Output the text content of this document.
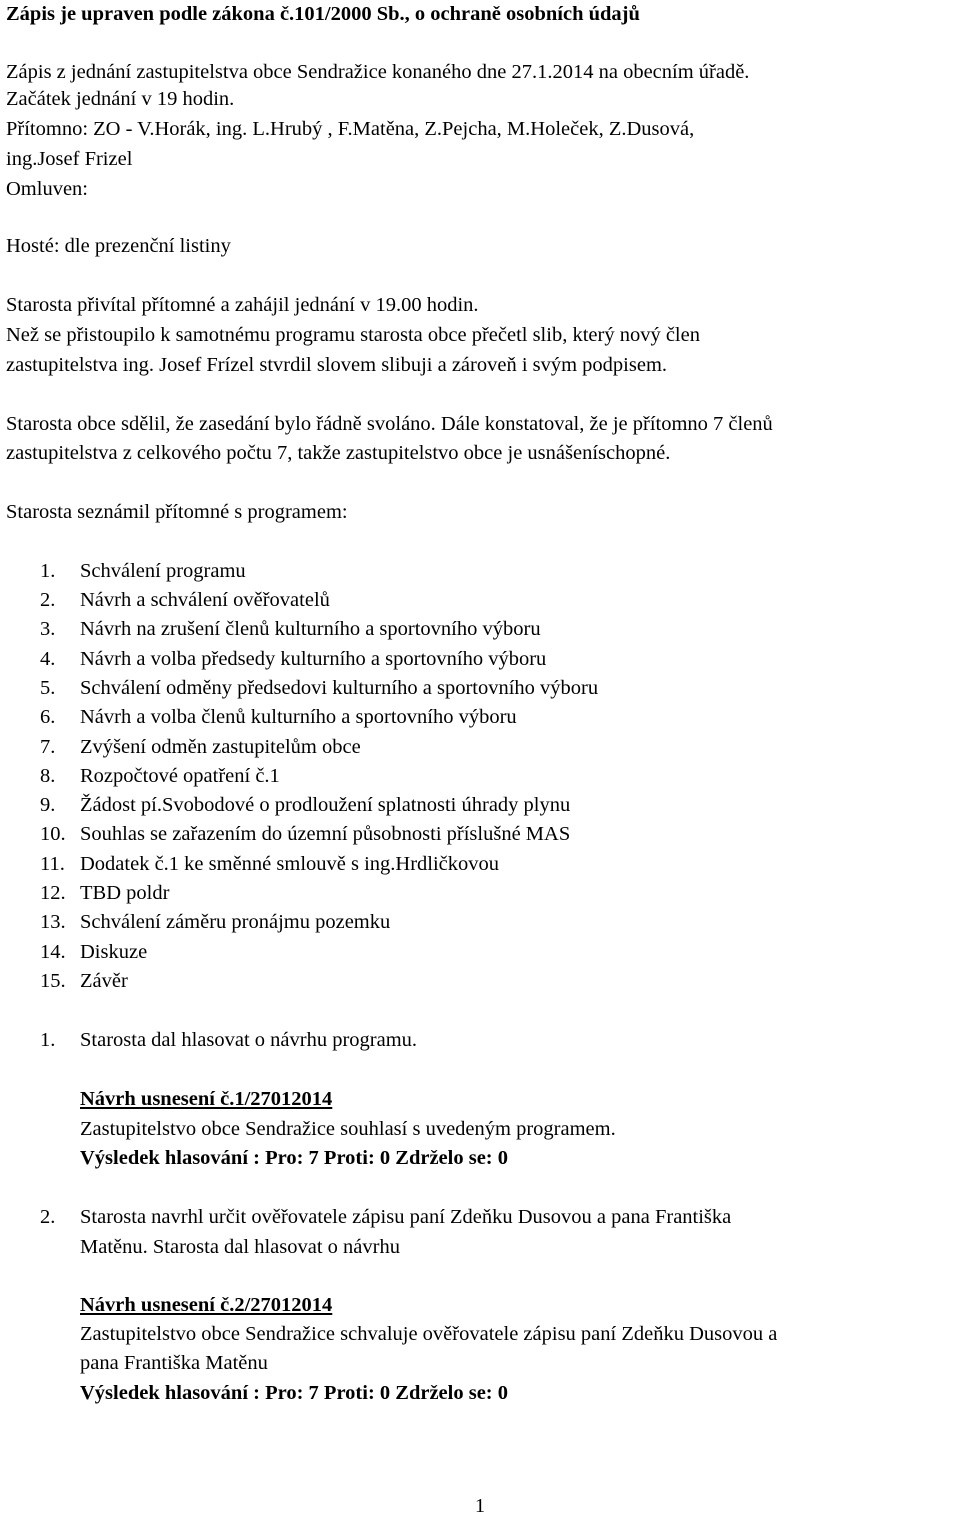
Zápis je upraven podle zákona č.101/2000 Sb., o ochraně osobních údajů
Zápis z jednání zastupitelstva obce Sendražice konaného dne 27.1.2014 na obecním úřadě.
Začátek jednání v 19 hodin.
Přítomno: ZO - V.Horák, ing. L.Hrubý , F.Matěna, Z.Pejcha, M.Holeček, Z.Dusová,
ing.Josef Frizel
Omluven:
Hosté: dle prezenční listiny
Starosta přivítal přítomné a zahájil jednání v 19.00 hodin.
Než se přistoupilo k samotnému programu starosta obce přečetl slib, který nový člen
zastupitelstva ing. Josef Frízel stvrdil slovem slibuji a zároveň i svým podpisem.
Starosta obce sdělil, že zasedání bylo řádně svoláno. Dále konstatoval, že je přítomno 7 členů
zastupitelstva z celkového počtu 7, takže zastupitelstvo obce je usnášeníschopné.
Starosta seznámil přítomné s programem:
1. Schválení programu
2. Návrh a schválení ověřovatelů
3. Návrh na zrušení členů kulturního a sportovního výboru
4. Návrh a volba předsedy kulturního a sportovního výboru
5. Schválení odměny předsedovi kulturního a sportovního výboru
6. Návrh a volba členů kulturního a sportovního výboru
7. Zvýšení odměn zastupitelům obce
8. Rozpočtové opatření č.1
9. Žádost pí.Svobodové o prodloužení splatnosti úhrady plynu
10. Souhlas se zařazením do územní působnosti příslušné MAS
11. Dodatek č.1 ke směnné smlouvě s ing.Hrdličkovou
12. TBD poldr
13. Schválení záměru pronájmu pozemku
14. Diskuze
15. Závěr
1. Starosta dal hlasovat o návrhu programu.
Návrh usnesení č.1/27012014
Zastupitelstvo obce Sendražice souhlasí s uvedeným programem.
Výsledek hlasování : Pro: 7 Proti: 0 Zdrželo se: 0
2. Starosta navrhl určit ověřovatele zápisu paní Zdeňku Dusovou a pana Františka
Matěnu. Starosta dal hlasovat o návrhu
Návrh usnesení č.2/27012014
Zastupitelstvo obce Sendražice schvaluje ověřovatele zápisu paní Zdeňku Dusovou a
pana Františka Matěnu
Výsledek hlasování : Pro: 7 Proti: 0 Zdrželo se: 0
1
